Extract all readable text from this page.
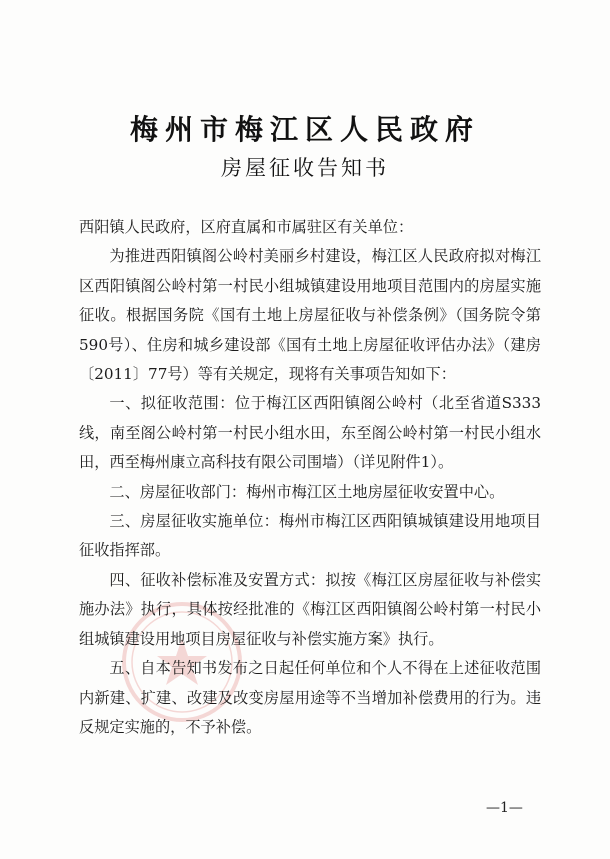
梅州市梅江区人民政府
房屋征收告知书

西阳镇人民政府，区府直属和市属驻区有关单位：

为推进西阳镇阁公岭村美丽乡村建设，梅江区人民政府拟对梅江区西阳镇阁公岭村第一村民小组城镇建设用地项目范围内的房屋实施征收。根据国务院《国有土地上房屋征收与补偿条例》（国务院令第590号）、住房和城乡建设部《国有土地上房屋征收评估办法》（建房〔2011〕77号）等有关规定，现将有关事项告知如下：

一、拟征收范围：位于梅江区西阳镇阁公岭村（北至省道S333线，南至阁公岭村第一村民小组水田，东至阁公岭村第一村民小组水田，西至梅州康立高科技有限公司围墙）（详见附件1）。

二、房屋征收部门：梅州市梅江区土地房屋征收安置中心。

三、房屋征收实施单位：梅州市梅江区西阳镇城镇建设用地项目征收指挥部。

四、征收补偿标准及安置方式：拟按《梅江区房屋征收与补偿实施办法》执行，具体按经批准的《梅江区西阳镇阁公岭村第一村民小组城镇建设用地项目房屋征收与补偿实施方案》执行。

五、自本告知书发布之日起任何单位和个人不得在上述征收范围内新建、扩建、改建及改变房屋用途等不当增加补偿费用的行为。违反规定实施的，不予补偿。

—1—
